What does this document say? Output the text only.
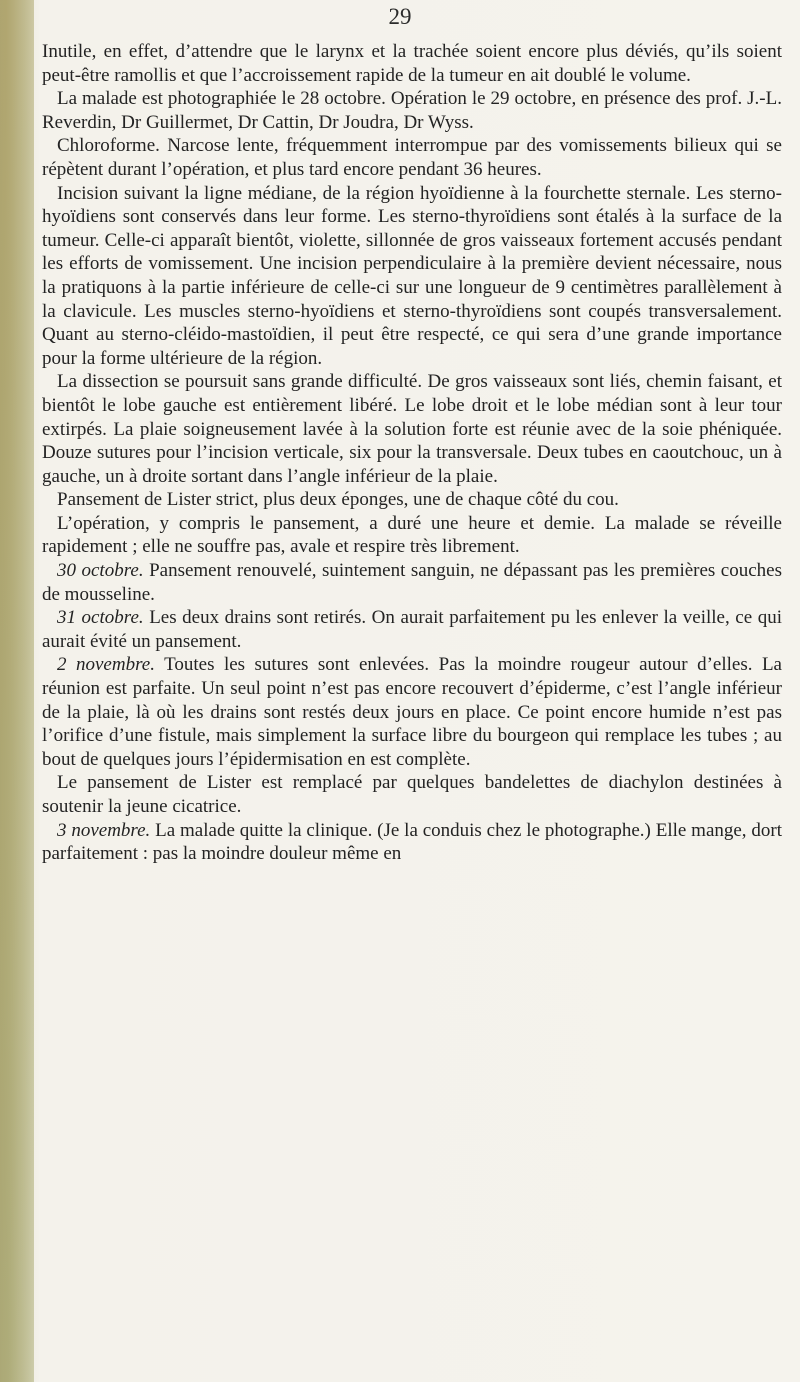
29

Inutile, en effet, d’attendre que le larynx et la trachée soient encore plus déviés, qu’ils soient peut-être ramollis et que l’accroissement rapide de la tumeur en ait doublé le volume.

La malade est photographiée le 28 octobre. Opération le 29 octobre, en présence des prof. J.-L. Reverdin, Dr Guillermet, Dr Cattin, Dr Joudra, Dr Wyss.

Chloroforme. Narcose lente, fréquemment interrompue par des vomissements bilieux qui se répètent durant l’opération, et plus tard encore pendant 36 heures.

Incision suivant la ligne médiane, de la région hyoïdienne à la fourchette sternale. Les sterno-hyoïdiens sont conservés dans leur forme. Les sterno-thyroïdiens sont étalés à la surface de la tumeur. Celle-ci apparaît bientôt, violette, sillonnée de gros vaisseaux fortement accusés pendant les efforts de vomissement. Une incision perpendiculaire à la première devient nécessaire, nous la pratiquons à la partie inférieure de celle-ci sur une longueur de 9 centimètres parallèlement à la clavicule. Les muscles sterno-hyoïdiens et sterno-thyroïdiens sont coupés transversalement. Quant au sterno-cléido-mastoïdien, il peut être respecté, ce qui sera d’une grande importance pour la forme ultérieure de la région.

La dissection se poursuit sans grande difficulté. De gros vaisseaux sont liés, chemin faisant, et bientôt le lobe gauche est entièrement libéré. Le lobe droit et le lobe médian sont à leur tour extirpés. La plaie soigneusement lavée à la solution forte est réunie avec de la soie phéniquée. Douze sutures pour l’incision verticale, six pour la transversale. Deux tubes en caoutchouc, un à gauche, un à droite sortant dans l’angle inférieur de la plaie.

Pansement de Lister strict, plus deux éponges, une de chaque côté du cou.

L’opération, y compris le pansement, a duré une heure et demie. La malade se réveille rapidement ; elle ne souffre pas, avale et respire très librement.

30 octobre. Pansement renouvelé, suintement sanguin, ne dépassant pas les premières couches de mousseline.

31 octobre. Les deux drains sont retirés. On aurait parfaitement pu les enlever la veille, ce qui aurait évité un pansement.

2 novembre. Toutes les sutures sont enlevées. Pas la moindre rougeur autour d’elles. La réunion est parfaite. Un seul point n’est pas encore recouvert d’épiderme, c’est l’angle inférieur de la plaie, là où les drains sont restés deux jours en place. Ce point encore humide n’est pas l’orifice d’une fistule, mais simplement la surface libre du bourgeon qui remplace les tubes ; au bout de quelques jours l’épidermisation en est complète.

Le pansement de Lister est remplacé par quelques bandelettes de diachylon destinées à soutenir la jeune cicatrice.

3 novembre. La malade quitte la clinique. (Je la conduis chez le photographe.) Elle mange, dort parfaitement : pas la moindre douleur même en
